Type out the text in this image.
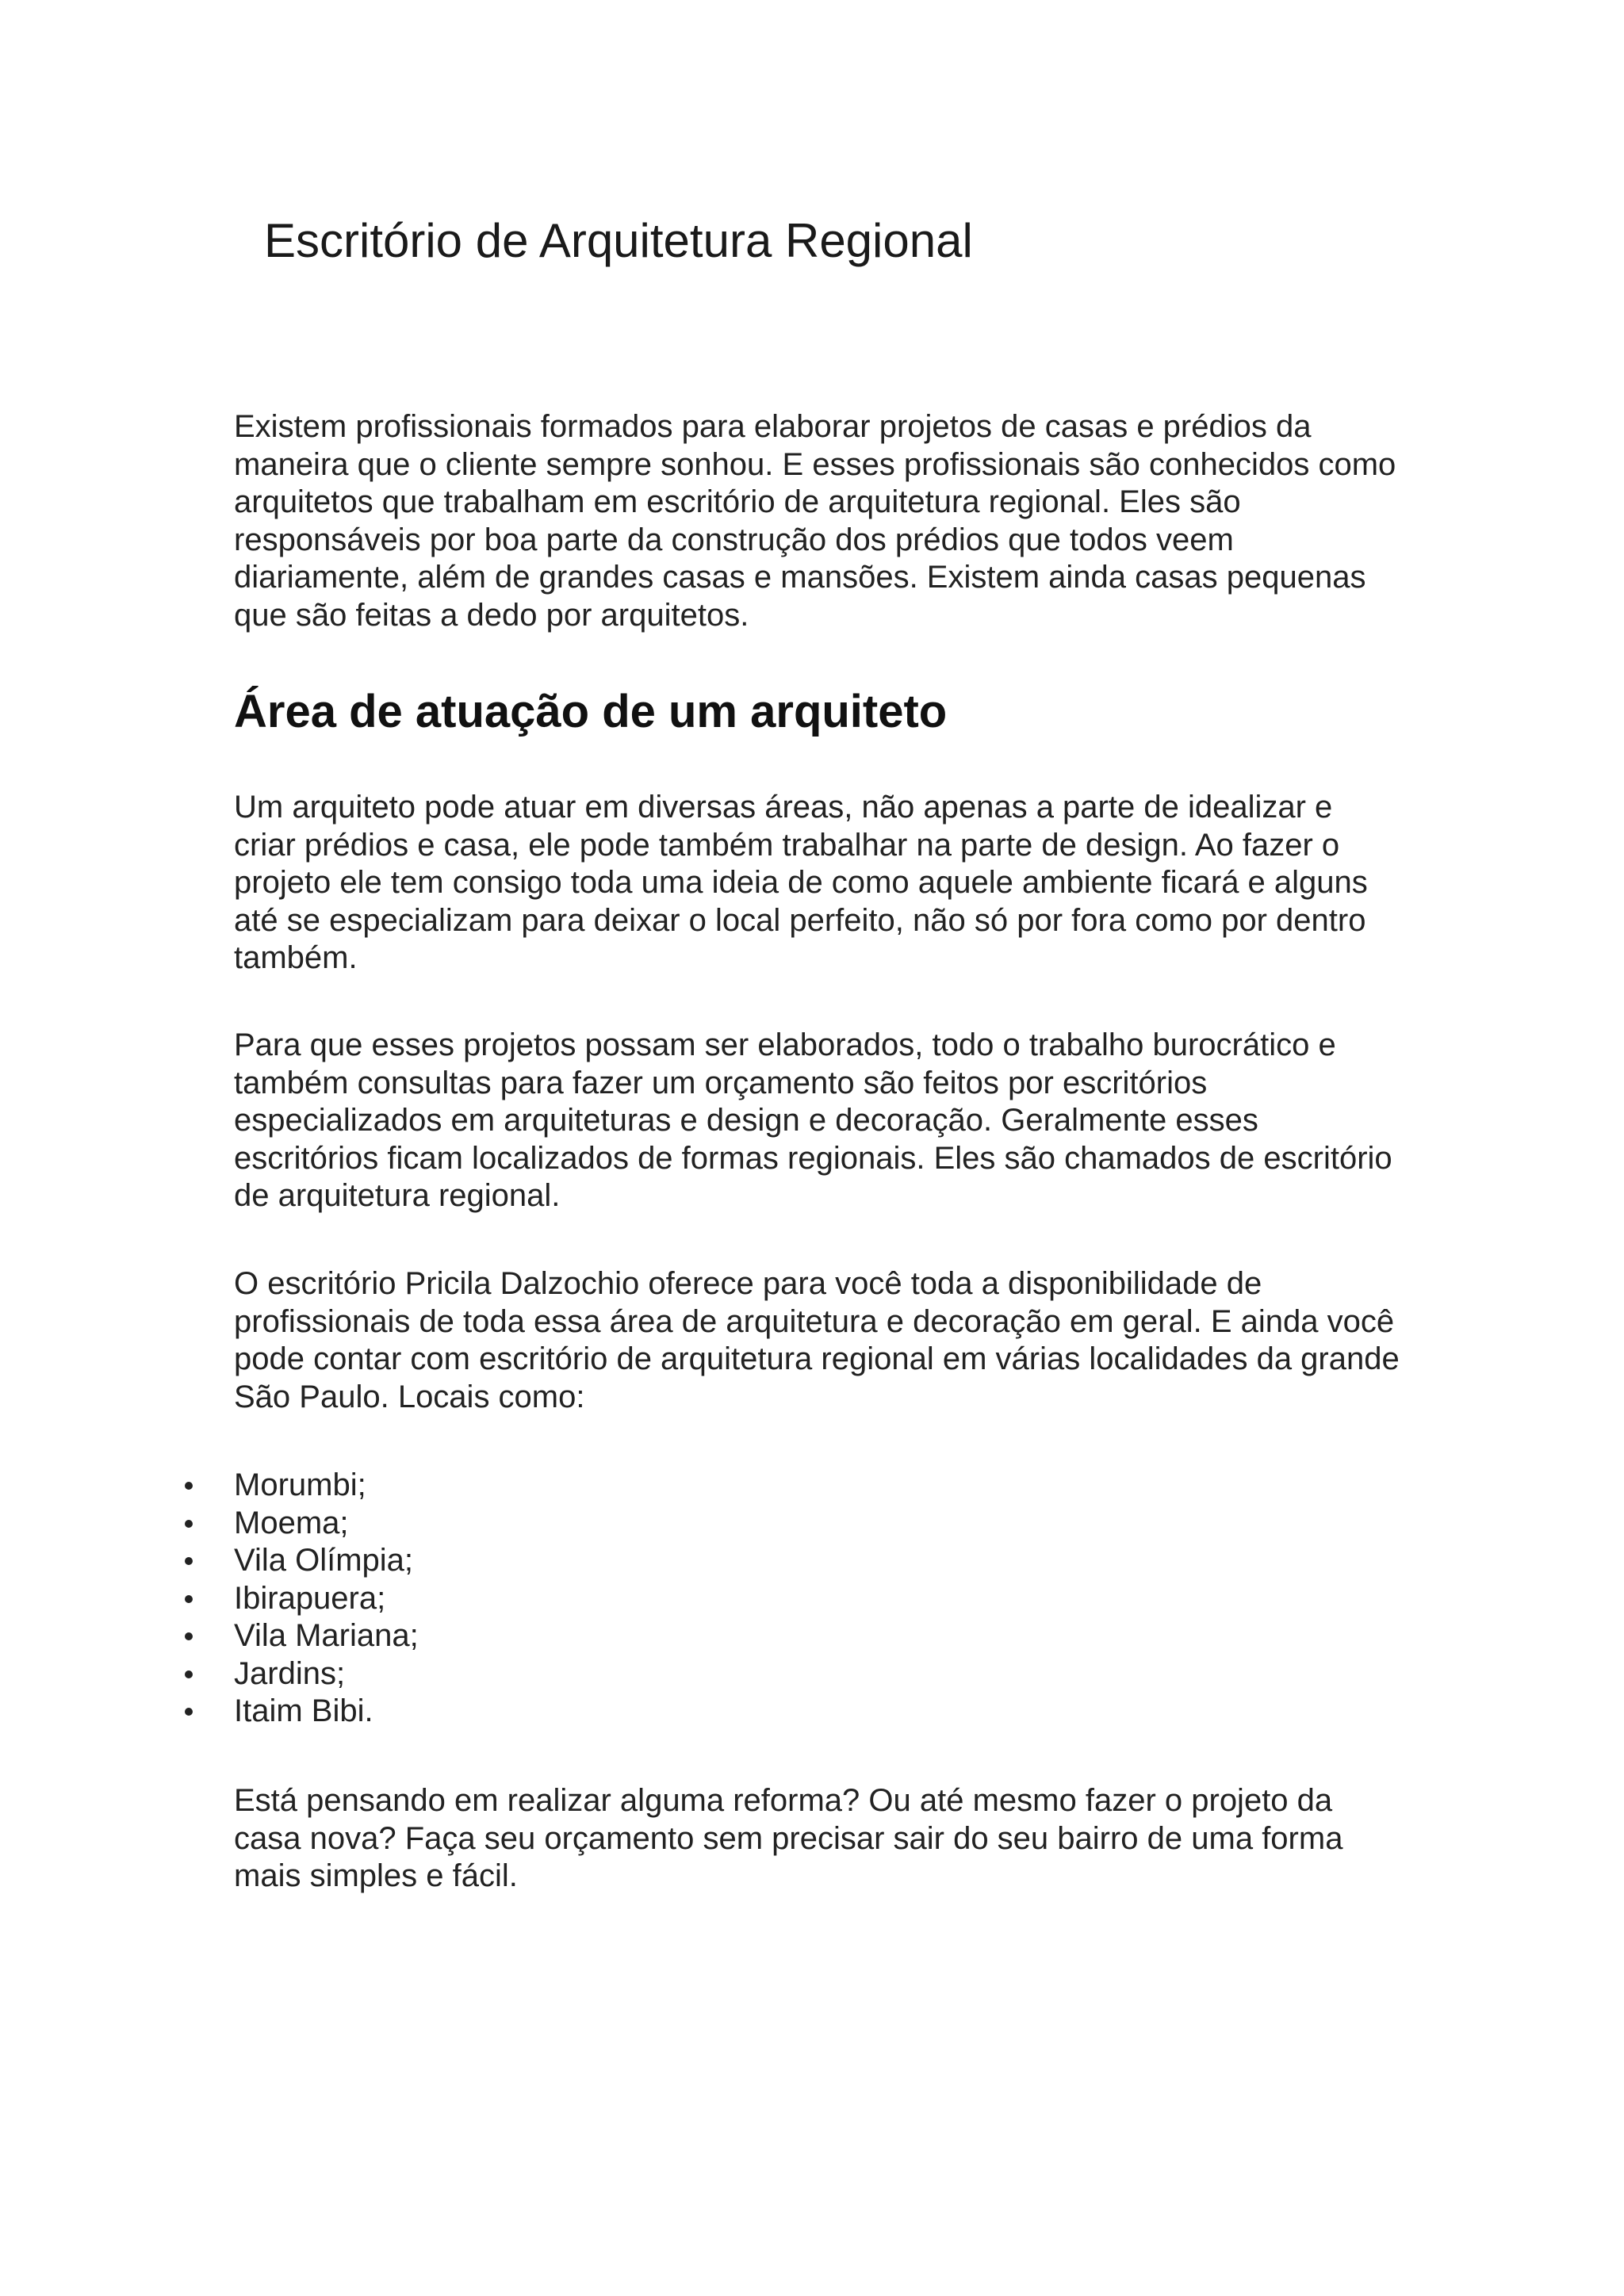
Escritório de Arquitetura Regional

Existem profissionais formados para elaborar projetos de casas e prédios da maneira que o cliente sempre sonhou. E esses profissionais são conhecidos como arquitetos que trabalham em escritório de arquitetura regional. Eles são responsáveis por boa parte da construção dos prédios que todos veem diariamente, além de grandes casas e mansões. Existem ainda casas pequenas que são feitas a dedo por arquitetos.

Área de atuação de um arquiteto

Um arquiteto pode atuar em diversas áreas, não apenas a parte de idealizar e criar prédios e casa, ele pode também trabalhar na parte de design. Ao fazer o projeto ele tem consigo toda uma ideia de como aquele ambiente ficará e alguns até se especializam para deixar o local perfeito, não só por fora como por dentro também.

Para que esses projetos possam ser elaborados, todo o trabalho burocrático e também consultas para fazer um orçamento são feitos por escritórios especializados em arquiteturas e design e decoração. Geralmente esses escritórios ficam localizados de formas regionais. Eles são chamados de escritório de arquitetura regional.

O escritório Pricila Dalzochio oferece para você toda a disponibilidade de profissionais de toda essa área de arquitetura e decoração em geral. E ainda você pode contar com escritório de arquitetura regional em várias localidades da grande São Paulo. Locais como:

Morumbi;
Moema;
Vila Olímpia;
Ibirapuera;
Vila Mariana;
Jardins;
Itaim Bibi.

Está pensando em realizar alguma reforma? Ou até mesmo fazer o projeto da casa nova? Faça seu orçamento sem precisar sair do seu bairro de uma forma mais simples e fácil.
